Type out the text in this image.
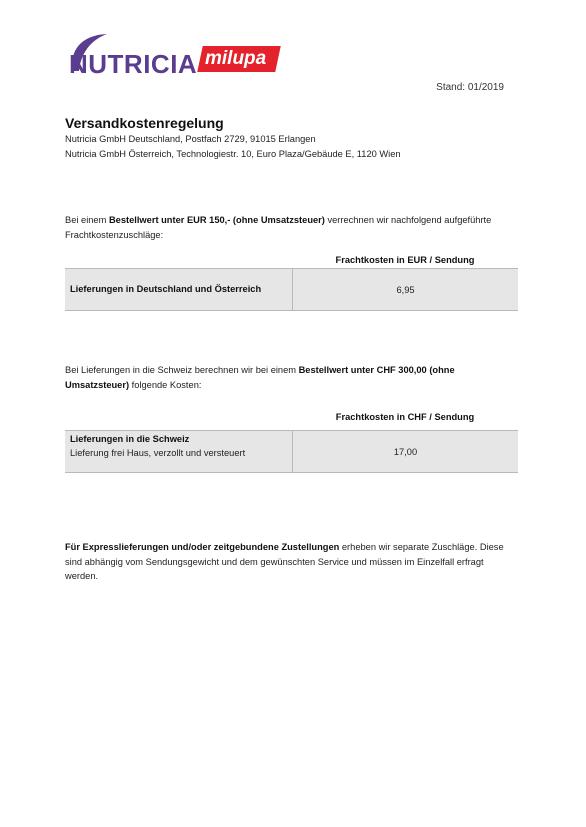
NUTRICIA milupa
Stand: 01/2019
Versandkostenregelung
Nutricia GmbH Deutschland, Postfach 2729, 91015 Erlangen
Nutricia GmbH Österreich, Technologiestr. 10, Euro Plaza/Gebäude E, 1120 Wien
Bei einem Bestellwert unter EUR 150,- (ohne Umsatzsteuer) verrechnen wir nachfolgend aufgeführte Frachtkostenzuschläge:
Frachtkosten in EUR / Sendung
Lieferungen in Deutschland und Österreich	6,95
Bei Lieferungen in die Schweiz berechnen wir bei einem Bestellwert unter CHF 300,00 (ohne Umsatzsteuer) folgende Kosten:
Frachtkosten in CHF / Sendung
Lieferungen in die Schweiz
Lieferung frei Haus, verzollt und versteuert	17,00
Für Expresslieferungen und/oder zeitgebundene Zustellungen erheben wir separate Zuschläge. Diese sind abhängig vom Sendungsgewicht und dem gewünschten Service und müssen im Einzelfall erfragt werden.
